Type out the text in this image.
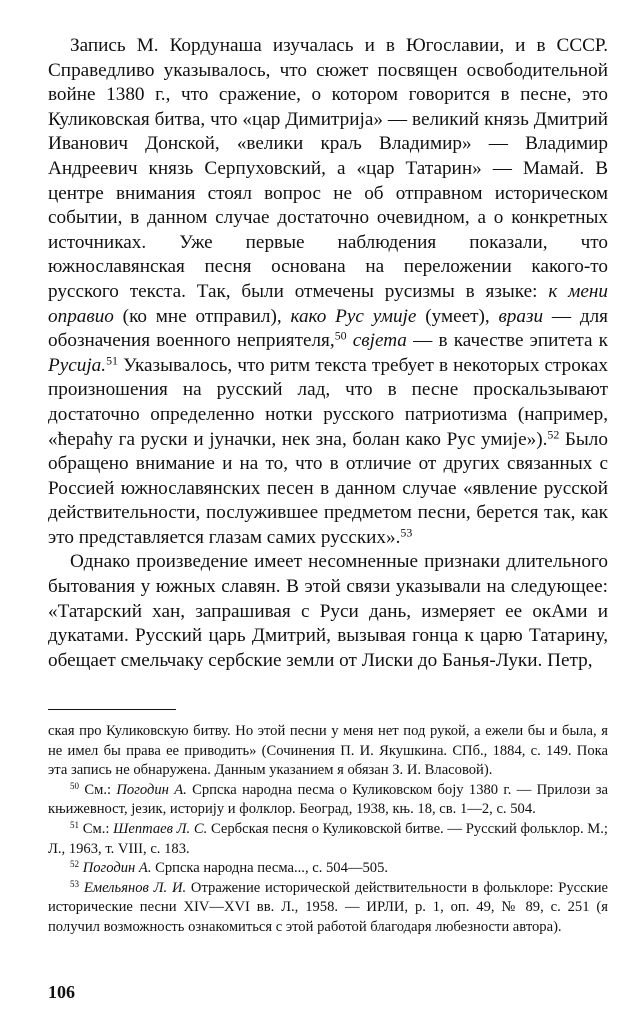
Запись М. Кордунаша изучалась и в Югославии, и в СССР. Справедливо указывалось, что сюжет посвящен освободительной войне 1380 г., что сражение, о котором говорится в песне, это Куликовская битва, что «цар Димитриjа» — великий князь Дмитрий Иванович Донской, «велики краљ Владимир» — Владимир Андреевич князь Серпуховский, а «цар Татарин» — Мамай. В центре внимания стоял вопрос не об отправном историческом событии, в данном случае достаточно очевидном, а о конкретных источниках. Уже первые наблюдения показали, что южнославянская песня основана на переложении какого-то русского текста. Так, были отмечены русизмы в языке: к мени оправио (ко мне отправил), како Рус умиjе (умеет), врази — для обозначения военного неприятеля,$^{50}$ свjета — в качестве эпитета к Русиjа.$^{51}$ Указывалось, что ритм текста требует в некоторых строках произношения на русский лад, что в песне проскальзывают достаточно определенно нотки русского патриотизма (например, «ћераћу га руски и jуначки, нек зна, болан како Рус умиjе»).$^{52}$ Было обращено внимание и на то, что в отличие от других связанных с Россией южнославянских песен в данном случае «явление русской действительности, послужившее предметом песни, берется так, как это представляется глазам самих русских».$^{53}$

Однако произведение имеет несомненные признаки длительного бытования у южных славян. В этой связи указывали на следующее: «Татарский хан, запрашивая с Руси дань, измеряет ее окАми и дукатами. Русский царь Дмитрий, вызывая гонца к царю Татарину, обещает смельчаку сербские земли от Лиски до Банья-Луки. Петр,

ская про Куликовскую битву. Но этой песни у меня нет под рукой, а ежели бы и была, я не имел бы права ее приводить» (Сочинения П. И. Якушкина. СПб., 1884, с. 149. Пока эта запись не обнаружена. Данным указанием я обязан З. И. Власовой).

$^{50}$ См.: Погодин А. Српска народна песма о Куликовском боjу 1380 г. — Прилози за књижевност, jезик, историjу и фолклор. Београд, 1938, књ. 18, св. 1—2, с. 504.

$^{51}$ См.: Шептаев Л. С. Сербская песня о Куликовской битве. — Русский фольклор. М.; Л., 1963, т. VIII, с. 183.

$^{52}$ Погодин А. Српска народна песма..., с. 504—505.

$^{53}$ Емельянов Л. И. Отражение исторической действительности в фольклоре: Русские исторические песни XIV—XVI вв. Л., 1958. — ИРЛИ, р. 1, оп. 49, № 89, с. 251 (я получил возможность ознакомиться с этой работой благодаря любезности автора).

106
